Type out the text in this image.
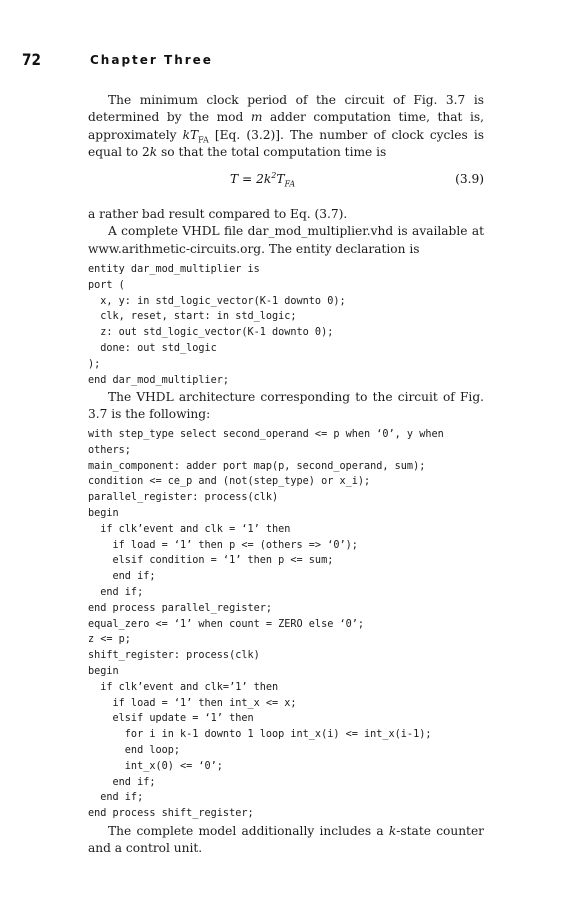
72	Chapter Three

The minimum clock period of the circuit of Fig. 3.7 is determined by the mod m adder computation time, that is, approximately $kT_{FA}$ [Eq. (3.2)]. The number of clock cycles is equal to 2k so that the total computation time is

$T = 2k^2T_{FA}$	(3.9)

a rather bad result compared to Eq. (3.7).

A complete VHDL file dar_mod_multiplier.vhd is available at www.arithmetic-circuits.org. The entity declaration is

entity dar_mod_multiplier is
port (
x, y: in std_logic_vector(K-1 downto 0);
clk, reset, start: in std_logic;
z: out std_logic_vector(K-1 downto 0);
done: out std_logic
);
end dar_mod_multiplier;

The VHDL architecture corresponding to the circuit of Fig. 3.7 is the following:

with step_type select second_operand <= p when ‘0’, y when
others;
main_component: adder port map(p, second_operand, sum);
condition <= ce_p and (not(step_type) or x_i);
parallel_register: process(clk)
begin
if clk’event and clk = ‘1’ then
if load = ‘1’ then p <= (others => ‘0’);
elsif condition = ‘1’ then p <= sum;
end if;
end if;
end process parallel_register;
equal_zero <= ‘1’ when count = ZERO else ‘0’;
z <= p;
shift_register: process(clk)
begin
if clk’event and clk=’1’ then
if load = ‘1’ then int_x <= x;
elsif update = ‘1’ then
for i in k-1 downto 1 loop int_x(i) <= int_x(i-1);
end loop;
int_x(0) <= ‘0’;
end if;
end if;
end process shift_register;

The complete model additionally includes a k-state counter and a control unit.
